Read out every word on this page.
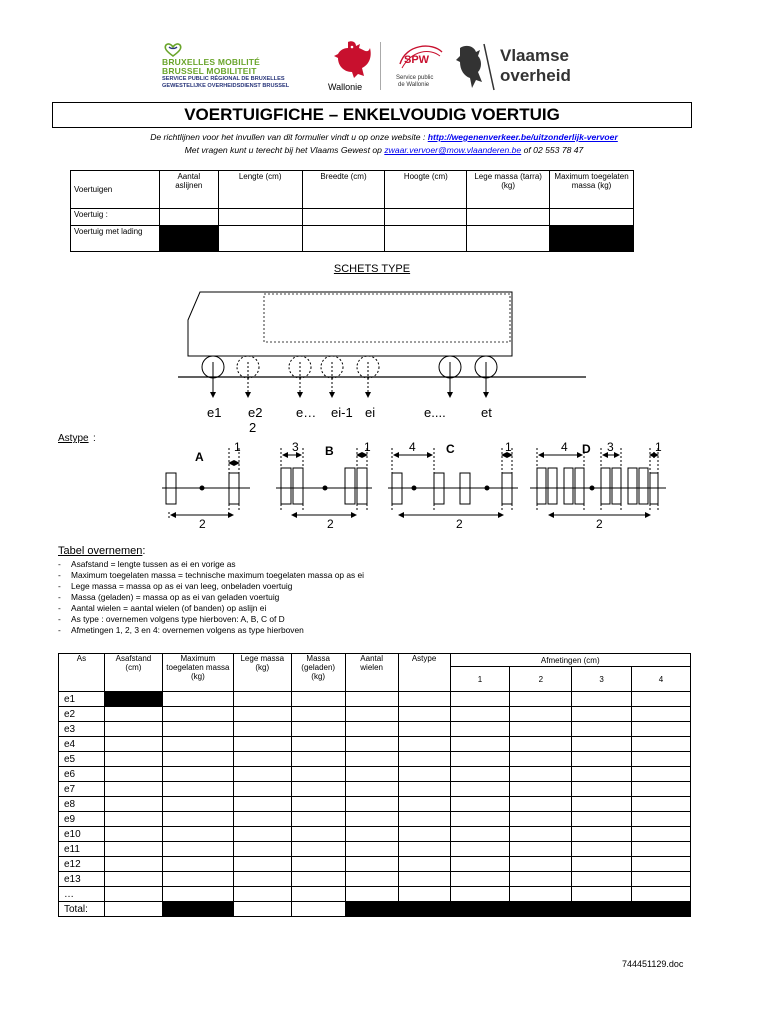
BRUXELLES MOBILITÉ
BRUSSEL MOBILITEIT
SERVICE PUBLIC RÉGIONAL DE BRUXELLES
GEWESTELIJKE OVERHEIDSDIENST BRUSSEL	Wallonie
SPW
Service public
de Wallonie
Vlaamse
overheid
VOERTUIGFICHE – ENKELVOUDIG VOERTUIG
De richtlijnen voor het invullen van dit formulier vindt u op onze website : http://wegenenverkeer.be/uitzonderlijk-vervoer
Met vragen kunt u terecht bij het Vlaams Gewest op zwaar.vervoer@mow.vlaanderen.be of 02 553 78 47
Voertuigen	Aantal aslijnen	Lengte (cm)	Breedte (cm)	Hoogte (cm)	Lege massa (tarra) (kg)	Maximum toegelaten massa (kg)
Voertuig :						
Voertuig met lading						
SCHETS TYPE
e1 e2
2
e… ei-1 ei	e....	et
Astype :
A
1
2
B
3	1
2
C
4	1
2
D
4	3	1
2
Tabel overnemen:
- Asafstand = lengte tussen as ei en vorige as
- Maximum toegelaten massa = technische maximum toegelaten massa op as ei
- Lege massa = massa op as ei van leeg, onbeladen voertuig
- Massa (geladen) = massa op as ei van geladen voertuig
- Aantal wielen = aantal wielen (of banden) op aslijn ei
- As type : overnemen volgens type hierboven: A, B, C of D
- Afmetingen 1, 2, 3 en 4: overnemen volgens as type hierboven
As	Asafstand (cm)	Maximum toegelaten massa (kg)	Lege massa (kg)	Massa (geladen) (kg)	Aantal wielen	Astype	Afmetingen (cm)			
							1	2	3	4
e1										
e2										
e3										
e4										
e5										
e6										
e7										
e8										
e9										
e10										
e11										
e12										
e13										
…										
Total:										
744451129.doc
